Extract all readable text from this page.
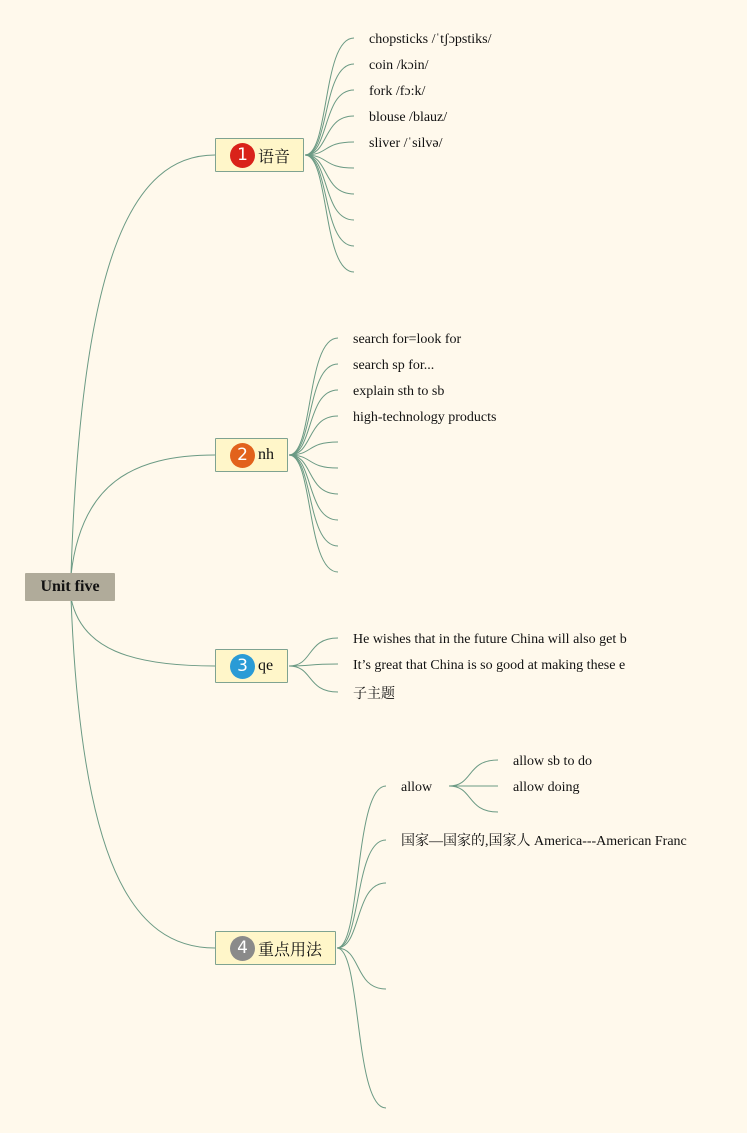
Unit five
1 语音
chopsticks /ˈtʃɔpstiks/
coin /kɔin/
fork /fɔ:k/
blouse /blauz/
sliver /ˈsilvə/
2 nh
search for=look for
search sp for...
explain sth to sb
high-technology products
3 qe
He wishes that in the future China will also get b
It’s great that China is so good at making these e
子主题
4 重点用法
allow
allow sb to do
allow doing
国家—国家的,国家人 America---American Franc
